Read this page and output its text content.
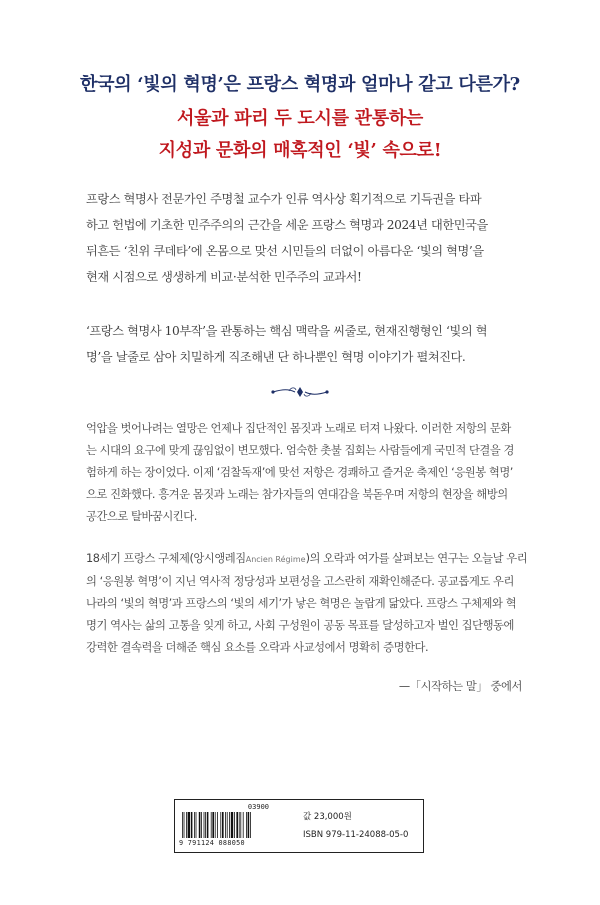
한국의 ‘빛의 혁명’은 프랑스 혁명과 얼마나 같고 다른가?
서울과 파리 두 도시를 관통하는
지성과 문화의 매혹적인 ‘빛’ 속으로!
프랑스 혁명사 전문가인 주명철 교수가 인류 역사상 획기적으로 기득권을 타파
하고 헌법에 기초한 민주주의의 근간을 세운 프랑스 혁명과 2024년 대한민국을
뒤흔든 ‘친위 쿠데타’에 온몸으로 맞선 시민들의 더없이 아름다운 ‘빛의 혁명’을
현재 시점으로 생생하게 비교·분석한 민주주의 교과서!
‘프랑스 혁명사 10부작’을 관통하는 핵심 맥락을 씨줄로, 현재진행형인 ‘빛의 혁
명’을 날줄로 삼아 치밀하게 직조해낸 단 하나뿐인 혁명 이야기가 펼쳐진다.
억압을 벗어나려는 열망은 언제나 집단적인 몸짓과 노래로 터져 나왔다. 이러한 저항의 문화
는 시대의 요구에 맞게 끊임없이 변모했다. 엄숙한 촛불 집회는 사람들에게 국민적 단결을 경
험하게 하는 장이었다. 이제 ‘검찰독재’에 맞선 저항은 경쾌하고 즐거운 축제인 ‘응원봉 혁명’
으로 진화했다. 흥겨운 몸짓과 노래는 참가자들의 연대감을 북돋우며 저항의 현장을 해방의
공간으로 탈바꿈시킨다.
18세기 프랑스 구체제(앙시앵레짐Ancien Régime)의 오락과 여가를 살펴보는 연구는 오늘날 우리
의 ‘응원봉 혁명’이 지닌 역사적 정당성과 보편성을 고스란히 재확인해준다. 공교롭게도 우리
나라의 ‘빛의 혁명’과 프랑스의 ‘빛의 세기’가 낳은 혁명은 놀랍게 닮았다. 프랑스 구체제와 혁
명기 역사는 삶의 고통을 잊게 하고, 사회 구성원이 공동 목표를 달성하고자 벌인 집단행동에
강력한 결속력을 더해준 핵심 요소를 오락과 사교성에서 명확히 증명한다.
—「시작하는 말」 중에서
03900
9 791124 088050
값 23,000원
ISBN 979-11-24088-05-0
